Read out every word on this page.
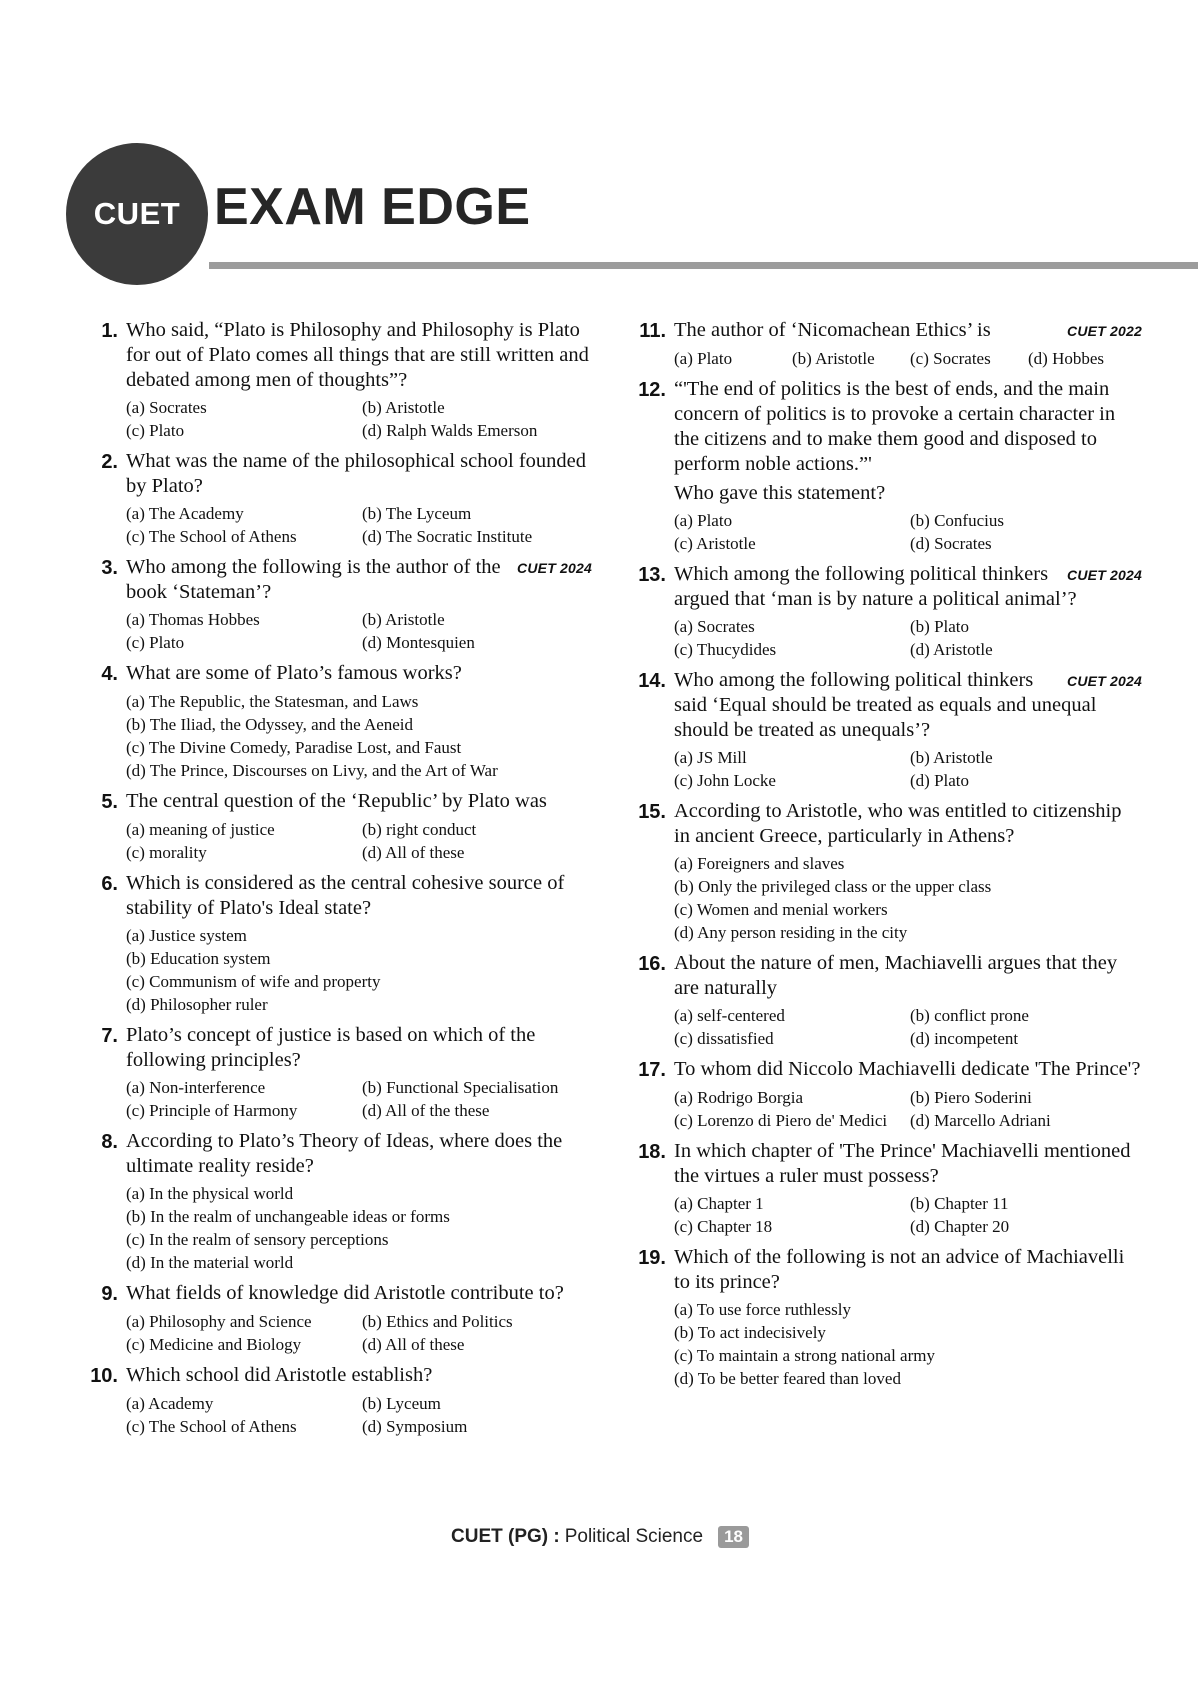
CUET EXAM EDGE
1. Who said, “Plato is Philosophy and Philosophy is Plato for out of Plato comes all things that are still written and debated among men of thoughts”?
(a) Socrates	(b) Aristotle
(c) Plato	(d) Ralph Walds Emerson
2. What was the name of the philosophical school founded by Plato?
(a) The Academy	(b) The Lyceum
(c) The School of Athens	(d) The Socratic Institute
3.	CUET 2024
Who among the following is the author of the book ‘Stateman’?
(a) Thomas Hobbes	(b) Aristotle
(c) Plato	(d) Montesquien
4. What are some of Plato’s famous works?
(a) The Republic, the Statesman, and Laws
(b) The Iliad, the Odyssey, and the Aeneid
(c) The Divine Comedy, Paradise Lost, and Faust
(d) The Prince, Discourses on Livy, and the Art of War
5. The central question of the ‘Republic’ by Plato was
(a) meaning of justice	(b) right conduct
(c) morality	(d) All of these
6. Which is considered as the central cohesive source of stability of Plato's Ideal state?
(a) Justice system
(b) Education system
(c) Communism of wife and property
(d) Philosopher ruler
7. Plato’s concept of justice is based on which of the following principles?
(a) Non-interference	(b) Functional Specialisation
(c) Principle of Harmony	(d) All of the these
8. According to Plato’s Theory of Ideas, where does the ultimate reality reside?
(a) In the physical world
(b) In the realm of unchangeable ideas or forms
(c) In the realm of sensory perceptions
(d) In the material world
9. What fields of knowledge did Aristotle contribute to?
(a) Philosophy and Science	(b) Ethics and Politics
(c) Medicine and Biology	(d) All of these
10. Which school did Aristotle establish?
(a) Academy	(b) Lyceum
(c) The School of Athens	(d) Symposium
11.	CUET 2022
The author of ‘Nicomachean Ethics’ is
(a) Plato	(b) Aristotle	(c) Socrates	(d) Hobbes
12. “'The end of politics is the best of ends, and the main concern of politics is to provoke a certain character in the citizens and to make them good and disposed to perform noble actions.”'
Who gave this statement?
(a) Plato	(b) Confucius
(c) Aristotle	(d) Socrates
13.	CUET 2024
Which among the following political thinkers argued that ‘man is by nature a political animal’?
(a) Socrates	(b) Plato
(c) Thucydides	(d) Aristotle
14.	CUET 2024
Who among the following political thinkers said ‘Equal should be treated as equals and unequal should be treated as unequals’?
(a) JS Mill	(b) Aristotle
(c) John Locke	(d) Plato
15. According to Aristotle, who was entitled to citizenship in ancient Greece, particularly in Athens?
(a) Foreigners and slaves
(b) Only the privileged class or the upper class
(c) Women and menial workers
(d) Any person residing in the city
16. About the nature of men, Machiavelli argues that they are naturally
(a) self-centered	(b) conflict prone
(c) dissatisfied	(d) incompetent
17. To whom did Niccolo Machiavelli dedicate 'The Prince'?
(a) Rodrigo Borgia	(b) Piero Soderini
(c) Lorenzo di Piero de' Medici	(d) Marcello Adriani
18. In which chapter of 'The Prince' Machiavelli mentioned the virtues a ruler must possess?
(a) Chapter 1	(b) Chapter 11
(c) Chapter 18	(d) Chapter 20
19. Which of the following is not an advice of Machiavelli to its prince?
(a) To use force ruthlessly
(b) To act indecisively
(c) To maintain a strong national army
(d) To be better feared than loved
CUET (PG) : Political Science	18
